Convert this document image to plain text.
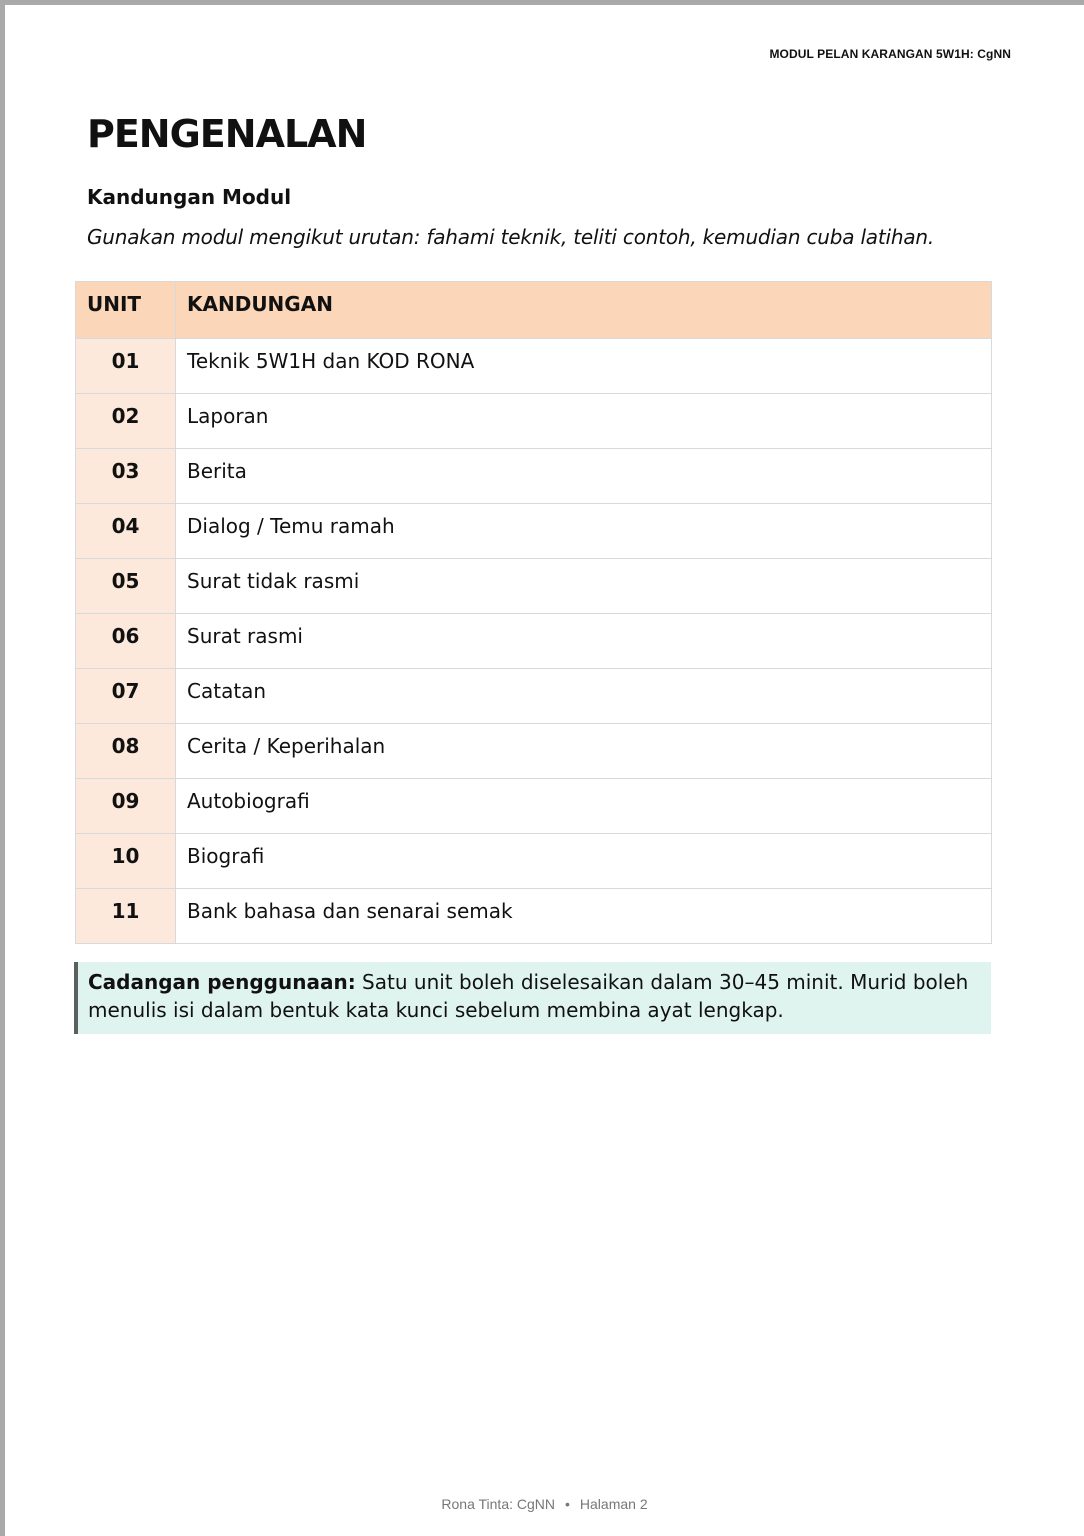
MODUL PELAN KARANGAN 5W1H: CgNN
PENGENALAN
Kandungan Modul

Gunakan modul mengikut urutan: fahami teknik, teliti contoh, kemudian cuba latihan.

UNIT	KANDUNGAN
01	Teknik 5W1H dan KOD RONA
02	Laporan
03	Berita
04	Dialog / Temu ramah
05	Surat tidak rasmi
06	Surat rasmi
07	Catatan
08	Cerita / Keperihalan
09	Autobiografi
10	Biografi
11	Bank bahasa dan senarai semak
Cadangan penggunaan: Satu unit boleh diselesaikan dalam 30–45 minit. Murid boleh menulis isi dalam bentuk kata kunci sebelum membina ayat lengkap.
Rona Tinta: CgNN • Halaman 2
